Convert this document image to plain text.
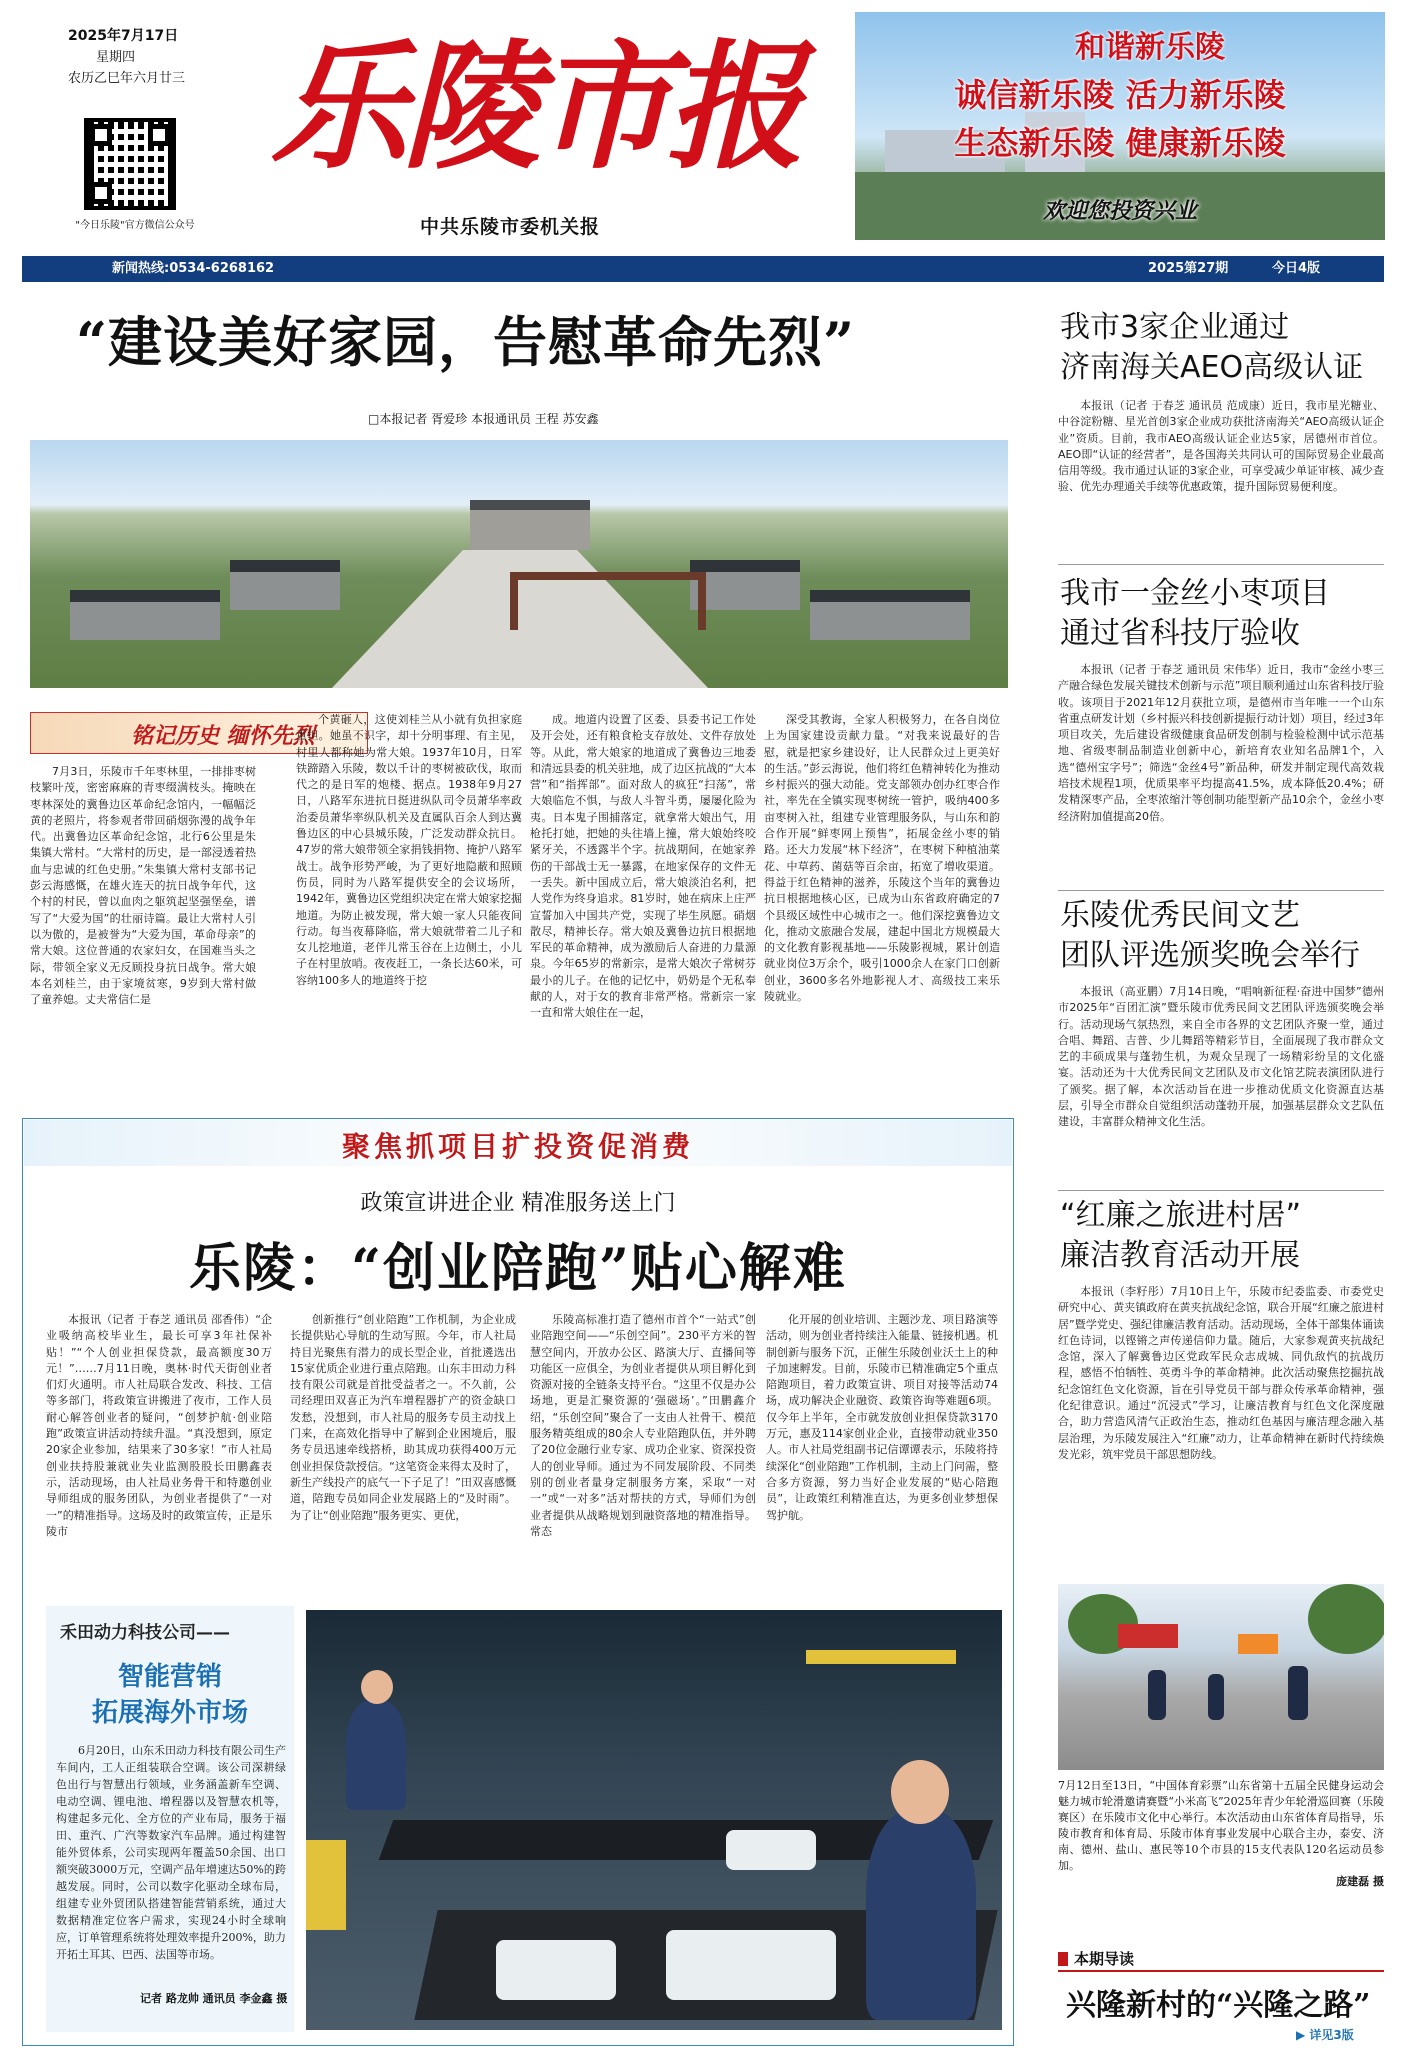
2025年7月17日
星期四
农历乙巳年六月廿三
"今日乐陵"官方微信公众号
乐陵市报
中共乐陵市委机关报
和谐新乐陵
诚信新乐陵 活力新乐陵
生态新乐陵 健康新乐陵
欢迎您投资兴业
新闻热线:0534-6268162	2025第27期	今日4版
“建设美好家园，告慰革命先烈”
□本报记者 胥爱珍 本报通讯员 王程 苏安鑫
铭记历史 缅怀先烈

7月3日，乐陵市千年枣林里，一排排枣树枝繁叶茂，密密麻麻的青枣缀满枝头。掩映在枣林深处的冀鲁边区革命纪念馆内，一幅幅泛黄的老照片，将参观者带回硝烟弥漫的战争年代。出冀鲁边区革命纪念馆，北行6公里是朱集镇大常村。“大常村的历史，是一部浸透着热血与忠诚的红色史册。”朱集镇大常村支部书记彭云海感慨，在雄火连天的抗日战争年代，这个村的村民，曾以血肉之躯筑起坚强堡垒，谱写了“大爱为国”的壮丽诗篇。最让大常村人引以为傲的，是被誉为“大爱为国，革命母亲”的常大娘。这位普通的农家妇女，在国难当头之际，带领全家义无反顾投身抗日战争。常大娘本名刘桂兰，由于家境贫寒，9岁到大常村做了童养媳。丈夫常信仁是

个黄砸人，这使刘桂兰从小就有负担家庭重担。她虽不识字，却十分明事理、有主见，村里人都称她为常大娘。1937年10月，日军铁蹄踏入乐陵，数以千计的枣树被砍伐，取而代之的是日军的炮楼、据点。1938年9月27日，八路军东进抗日挺进纵队司令员萧华率政治委员萧华率纵队机关及直属队百余人到达冀鲁边区的中心县城乐陵，广泛发动群众抗日。47岁的常大娘带领全家捐钱捐物、掩护八路军战士。战争形势严峻，为了更好地隐蔽和照顾伤员，同时为八路军提供安全的会议场所，1942年，冀鲁边区党组织决定在常大娘家挖掘地道。为防止被发现，常大娘一家人只能夜间行动。每当夜幕降临，常大娘就带着二儿子和女儿挖地道，老伴儿常玉谷在上边侧土，小儿子在村里放哨。夜夜赶工，一条长达60米，可容纳100多人的地道终于挖

成。地道内设置了区委、县委书记工作处及开会处，还有粮食枪支存放处、文件存放处等。从此，常大娘家的地道成了冀鲁边三地委和清远县委的机关驻地，成了边区抗战的“大本营”和“指挥部”。面对敌人的疯狂“扫荡”，常大娘临危不惧，与敌人斗智斗勇，屡屡化险为夷。日本鬼子围捕落定，就拿常大娘出气，用枪托打她，把她的头往墙上撞，常大娘始终咬紧牙关，不透露半个字。抗战期间，在她家养伤的干部战士无一暴露，在地家保存的文件无一丢失。新中国成立后，常大娘淡泊名利，把人党作为终身追求。81岁时，她在病床上庄严宣誓加入中国共产党，实现了毕生夙愿。硝烟散尽，精神长存。常大娘及冀鲁边抗日根据地军民的革命精神，成为激励后人奋进的力量源泉。今年65岁的常新宗，是常大娘次子常树芬最小的儿子。在他的记忆中，奶奶是个无私奉献的人，对于女的教育非常严格。常新宗一家一直和常大娘住在一起，

深受其教诲，全家人积极努力，在各自岗位上为国家建设贡献力量。“对我来说最好的告慰，就是把家乡建设好，让人民群众过上更美好的生活。”彭云海说，他们将红色精神转化为推动乡村振兴的强大动能。党支部领办创办红枣合作社，率先在全镇实现枣树统一管护，吸纳400多亩枣树入社，组建专业管理服务队，与山东和韵合作开展“鲜枣网上预售”，拓展金丝小枣的销路。还大力发展“林下经济”，在枣树下种植油菜花、中草药、菌菇等百余亩，拓宽了增收渠道。得益于红色精神的滋养，乐陵这个当年的冀鲁边抗日根据地核心区，已成为山东省政府确定的7个县级区域性中心城市之一。他们深挖冀鲁边文化，推动文旅融合发展，建起中国北方规模最大的文化教育影视基地——乐陵影视城，累计创造就业岗位3万余个，吸引1000余人在家门口创新创业，3600多名外地影视人才、高级技工来乐陵就业。

聚焦抓项目扩投资促消费
政策宣讲进企业 精准服务送上门
乐陵：“创业陪跑”贴心解难

本报讯（记者 于春芝 通讯员 邵香伟）“企业吸纳高校毕业生，最长可享3年社保补贴！”“个人创业担保贷款，最高额度30万元！”……7月11日晚，奥林·时代天街创业者们灯火通明。市人社局联合发改、科技、工信等多部门，将政策宣讲搬进了夜市，工作人员耐心解答创业者的疑问，“创梦护航·创业陪跑”政策宣讲活动持续升温。“真没想到，原定20家企业参加，结果来了30多家！”市人社局创业扶持股兼就业失业监测股股长田鹏鑫表示，活动现场，由人社局业务骨干和特邀创业导师组成的服务团队，为创业者提供了“一对一”的精准指导。这场及时的政策宣传，正是乐陵市

创新推行“创业陪跑”工作机制，为企业成长提供贴心导航的生动写照。今年，市人社局持目光聚焦有潜力的成长型企业，首批遴选出15家优质企业进行重点陪跑。山东丰田动力科技有限公司就是首批受益者之一。不久前，公司经理田双喜正为汽车增程器扩产的资金缺口发愁，没想到，市人社局的服务专员主动找上门来，在高效化指导中了解到企业困境后，服务专员迅速牵线搭桥，助其成功获得400万元创业担保贷款授信。“这笔资金来得太及时了，新生产线投产的底气一下子足了！”田双喜感慨道，陪跑专员如同企业发展路上的“及时雨”。为了让“创业陪跑”服务更实、更优，

乐陵高标准打造了德州市首个“一站式”创业陪跑空间——“乐创空间”。230平方米的智慧空间内，开放办公区、路演大厅、直播间等功能区一应俱全，为创业者提供从项目孵化到资源对接的全链条支持平台。“这里不仅是办公场地，更是汇聚资源的‘强磁场’。”田鹏鑫介绍，“乐创空间”聚合了一支由人社骨干、模范服务精英组成的80余人专业陪跑队伍，并外聘了20位金融行业专家、成功企业家、资深投资人的创业导师。通过为不同发展阶段、不同类别的创业者量身定制服务方案，采取“一对一”或“一对多”活对帮扶的方式，导师们为创业者提供从战略规划到融资落地的精准指导。常态

化开展的创业培训、主题沙龙、项目路演等活动，则为创业者持续注入能量、链接机遇。机制创新与服务下沉，正催生乐陵创业沃土上的种子加速孵发。目前，乐陵市已精准确定5个重点陪跑项目，着力政策宣讲、项目对接等活动74场，成功解决企业融资、政策咨询等难题6项。仅今年上半年，全市就发放创业担保贷款3170万元，惠及114家创业企业，直接带动就业350人。市人社局党组副书记信谭谭表示，乐陵将持续深化“创业陪跑”工作机制，主动上门问需，整合多方资源，努力当好企业发展的“贴心陪跑员”，让政策红利精准直达，为更多创业梦想保驾护航。

禾田动力科技公司——
智能营销
拓展海外市场

6月20日，山东禾田动力科技有限公司生产车间内，工人正组装联合空调。该公司深耕绿色出行与智慧出行领域，业务涵盖新车空调、电动空调、锂电池、增程器以及智慧农机等，构建起多元化、全方位的产业布局，服务于福田、重汽、广汽等数家汽车品牌。通过构建智能外贸体系，公司实现两年覆盖50余国、出口额突破3000万元，空调产品年增速达50%的跨越发展。同时，公司以数字化驱动全球布局，组建专业外贸团队搭建智能营销系统，通过大数据精准定位客户需求，实现24小时全球响应，订单管理系统将处理效率提升200%，助力开拓土耳其、巴西、法国等市场。

记者 路龙帅 通讯员 李金鑫 摄
我市3家企业通过
济南海关AEO高级认证

本报讯（记者 于春芝 通讯员 范成康）近日，我市星光糖业、中谷淀粉糖、星光首创3家企业成功获批济南海关“AEO高级认证企业”资质。目前，我市AEO高级认证企业达5家，居德州市首位。AEO即“认证的经营者”，是各国海关共同认可的国际贸易企业最高信用等级。我市通过认证的3家企业，可享受减少单证审核、减少查验、优先办理通关手续等优惠政策，提升国际贸易便利度。

我市一金丝小枣项目
通过省科技厅验收

本报讯（记者 于春芝 通讯员 宋伟华）近日，我市“金丝小枣三产融合绿色发展关键技术创新与示范”项目顺利通过山东省科技厅验收。该项目于2021年12月获批立项，是德州市当年唯一一个山东省重点研发计划（乡村振兴科技创新提振行动计划）项目，经过3年项目攻关，先后建设省级健康食品研发创制与检验检测中试示范基地、省级枣制品制造业创新中心，新培育农业知名品牌1个，入选“德州宝字号”；筛选“金丝4号”新品种，研发并制定现代高效栽培技术规程1项，优质果率平均提高41.5%，成本降低20.4%；研发精深枣产品，全枣浓缩汁等创制功能型新产品10余个，金丝小枣经济附加值提高20倍。

乐陵优秀民间文艺
团队评选颁奖晚会举行

本报讯（高亚鹏）7月14日晚，“唱响新征程·奋进中国梦”德州市2025年“百团汇演”暨乐陵市优秀民间文艺团队评选颁奖晚会举行。活动现场气氛热烈，来自全市各界的文艺团队齐聚一堂，通过合唱、舞蹈、吉普、少儿舞蹈等精彩节目，全面展现了我市群众文艺的丰硕成果与蓬勃生机，为观众呈现了一场精彩纷呈的文化盛宴。活动还为十大优秀民间文艺团队及市文化馆艺院表演团队进行了颁奖。据了解，本次活动旨在进一步推动优质文化资源直达基层，引导全市群众自觉组织活动蓬勃开展，加强基层群众文艺队伍建设，丰富群众精神文化生活。

“红廉之旅进村居”
廉洁教育活动开展

本报讯（李籽彤）7月10日上午，乐陵市纪委监委、市委党史研究中心、黄夹镇政府在黄夹抗战纪念馆，联合开展“红廉之旅进村居”暨学党史、强纪律廉洁教育活动。活动现场，全体干部集体诵读红色诗词，以铿锵之声传递信仰力量。随后，大家参观黄夹抗战纪念馆，深入了解冀鲁边区党政军民众志成城、同仇敌忾的抗战历程，感悟不怕牺牲、英勇斗争的革命精神。此次活动聚焦挖掘抗战纪念馆红色文化资源，旨在引导党员干部与群众传承革命精神，强化纪律意识。通过“沉浸式”学习，让廉洁教育与红色文化深度融合，助力营造风清气正政治生态，推动红色基因与廉洁理念融入基层治理，为乐陵发展注入“红廉”动力，让革命精神在新时代持续焕发光彩，筑牢党员干部思想防线。

7月12日至13日，“中国体育彩票”山东省第十五届全民健身运动会魅力城市轮滑邀请赛暨“小米高飞”2025年青少年轮滑巡回赛（乐陵赛区）在乐陵市文化中心举行。本次活动由山东省体育局指导，乐陵市教育和体育局、乐陵市体育事业发展中心联合主办，泰安、济南、德州、盐山、惠民等10个市县的15支代表队120名运动员参加。
庞建磊 摄
本期导读
兴隆新村的“兴隆之路”
▶ 详见3版
